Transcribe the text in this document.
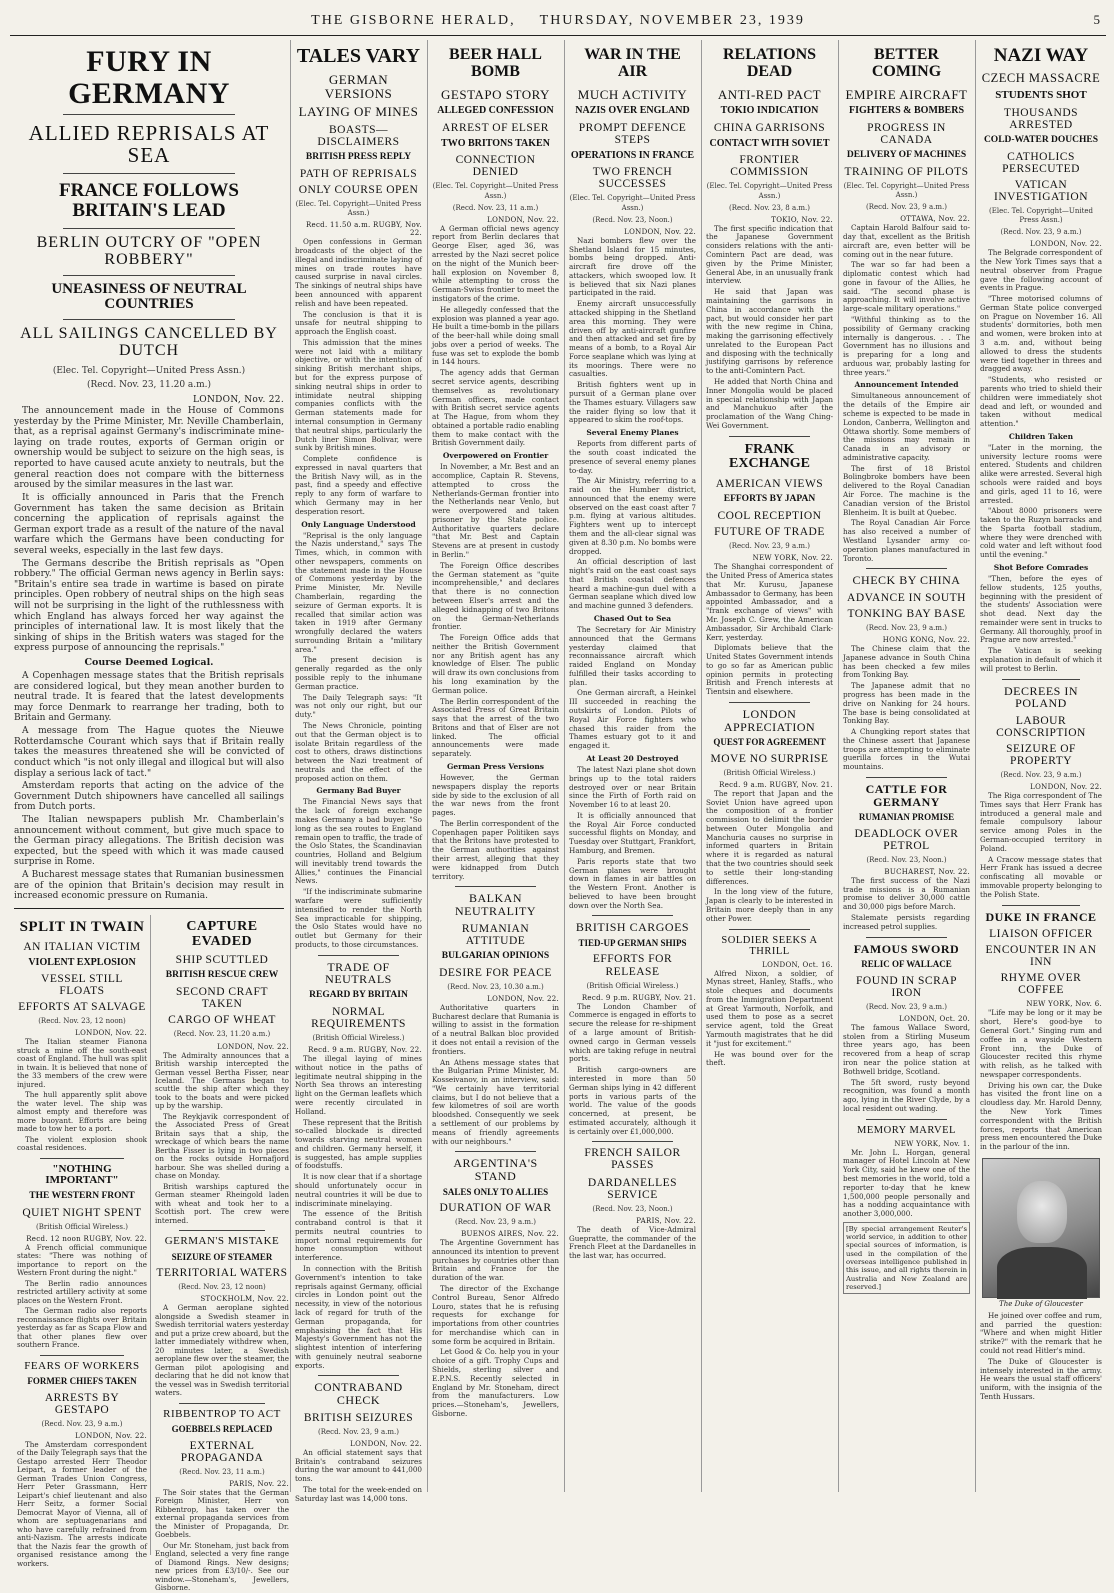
THE GISBORNE HERALD, THURSDAY, NOVEMBER 23, 1939	5
FURY IN GERMANY
ALLIED REPRISALS AT SEA
FRANCE FOLLOWS BRITAIN'S LEAD
BERLIN OUTCRY OF "OPEN ROBBERY"
UNEASINESS OF NEUTRAL COUNTRIES
ALL SAILINGS CANCELLED BY DUTCH
(Elec. Tel. Copyright—United Press Assn.)
(Recd. Nov. 23, 11.20 a.m.)
LONDON, Nov. 22.

The announcement made in the House of Commons yesterday by the Prime Minister, Mr. Neville Chamberlain, that, as a reprisal against Germany's indiscriminate mine-laying on trade routes, exports of German origin or ownership would be subject to seizure on the high seas, is reported to have caused acute anxiety to neutrals, but the general reaction does not compare with the bitterness aroused by the similar measures in the last war.

It is officially announced in Paris that the French Government has taken the same decision as Britain concerning the application of reprisals against the German export trade as a result of the nature of the naval warfare which the Germans have been conducting for several weeks, especially in the last few days.

The Germans describe the British reprisals as "Open robbery." The official German news agency in Berlin says: "Britain's entire sea trade in wartime is based on pirate principles. Open robbery of neutral ships on the high seas will not be surprising in the light of the ruthlessness with which England has always forced her way against the principles of international law. It is most likely that the sinking of ships in the British waters was staged for the express purpose of announcing the reprisals."

Course Deemed Logical.

A Copenhagen message states that the British reprisals are considered logical, but they mean another burden to neutral trade. It is feared that the latest developments may force Denmark to rearrange her trading, both to Britain and Germany.

A message from The Hague quotes the Nieuwe Rotterdamsche Courant which says that if Britain really takes the measures threatened she will be convicted of conduct which "is not only illegal and illogical but will also display a serious lack of tact."

Amsterdam reports that acting on the advice of the Government Dutch shipowners have cancelled all sailings from Dutch ports.

The Italian newspapers publish Mr. Chamberlain's announcement without comment, but give much space to the German piracy allegations. The British decision was expected, but the speed with which it was made caused surprise in Rome.

A Bucharest message states that Rumanian businessmen are of the opinion that Britain's decision may result in increased economic pressure on Rumania.

SPLIT IN TWAIN
AN ITALIAN VICTIM
VIOLENT EXPLOSION
VESSEL STILL FLOATS
EFFORTS AT SALVAGE
(Recd. Nov. 23, 12 noon)
LONDON, Nov. 22.

The Italian steamer Fianona struck a mine off the south-east coast of England. The hull was split in twain. It is believed that none of the 33 members of the crew were injured.

The hull apparently split above the water level. The ship was almost empty and therefore was more buoyant. Efforts are being made to tow her to a port.

The violent explosion shook coastal residences.

"NOTHING IMPORTANT"
THE WESTERN FRONT
QUIET NIGHT SPENT
(British Official Wireless.)
Recd. 12 noon RUGBY, Nov. 22.

A French official communique states: "There was nothing of importance to report on the Western Front during the night."

The Berlin radio announces restricted artillery activity at some places on the Western Front.

The German radio also reports reconnaissance flights over Britain yesterday as far as Scapa Flow and that other planes flew over southern France.

FEARS OF WORKERS
FORMER CHIEFS TAKEN
ARRESTS BY GESTAPO
(Recd. Nov. 23, 9 a.m.)
LONDON, Nov. 22.

The Amsterdam correspondent of the Daily Telegraph says that the Gestapo arrested Herr Theodor Leipart, a former leader of the German Trades Union Congress, Herr Peter Grassmann, Herr Leipart's chief lieutenant and also Herr Seitz, a former Social Democrat Mayor of Vienna, all of whom are septuagenarians and who have carefully refrained from anti-Nazism. The arrests indicate that the Nazis fear the growth of organised resistance among the workers.

CAPTURE EVADED
SHIP SCUTTLED
BRITISH RESCUE CREW
SECOND CRAFT TAKEN
CARGO OF WHEAT
(Recd. Nov. 23, 11.20 a.m.)
LONDON, Nov. 22.

The Admiralty announces that a British warship intercepted the German vessel Bertha Fisser, near Iceland. The Germans began to scuttle the ship after which they took to the boats and were picked up by the warship.

The Reykjavik correspondent of the Associated Press of Great Britain says that a ship, the wreckage of which bears the name Bertha Fisser is lying in two pieces on the rocks outside Hornafjord harbour. She was shelled during a chase on Monday.

British warships captured the German steamer Rheingold laden with wheat and took her to a Scottish port. The crew were interned.

GERMAN'S MISTAKE
SEIZURE OF STEAMER
TERRITORIAL WATERS
(Recd. Nov. 23, 12 noon)
STOCKHOLM, Nov. 22.

A German aeroplane sighted alongside a Swedish steamer in Swedish territorial waters yesterday and put a prize crew aboard, but the latter immediately withdrew when, 20 minutes later, a Swedish aeroplane flew over the steamer, the German pilot apologising and declaring that he did not know that the vessel was in Swedish territorial waters.

RIBBENTROP TO ACT
GOEBBELS REPLACED
EXTERNAL PROPAGANDA
(Recd. Nov. 23, 11 a.m.)
PARIS, Nov. 22.

The Soir states that the German Foreign Minister, Herr von Ribbentrop, has taken over the external propaganda services from the Minister of Propaganda, Dr. Goebbels.

Our Mr. Stoneham, just back from England, selected a very fine range of Diamond Rings. New designs; new prices from £3/10/-. See our window.—Stoneham's, Jewellers, Gisborne.

TALES VARY
GERMAN VERSIONS
LAYING OF MINES
BOASTS—DISCLAIMERS
BRITISH PRESS REPLY
PATH OF REPRISALS
ONLY COURSE OPEN
(Elec. Tel. Copyright—United Press Assn.)
Recd. 11.50 a.m. RUGBY, Nov. 22.

Open confessions in German broadcasts of the object of the illegal and indiscriminate laying of mines on trade routes have caused surprise in naval circles. The sinkings of neutral ships have been announced with apparent relish and have been repeated.

The conclusion is that it is unsafe for neutral shipping to approach the English coast.

This admission that the mines were not laid with a military objective, or with the intention of sinking British merchant ships, but for the express purpose of sinking neutral ships in order to intimidate neutral shipping companies conflicts with the German statements made for internal consumption in Germany that neutral ships, particularly the Dutch liner Simon Bolivar, were sunk by British mines.

Complete confidence is expressed in naval quarters that the British Navy will, as in the past, find a speedy and effective reply to any form of warfare to which Germany may in her desperation resort.

Only Language Understood

"Reprisal is the only language the Nazis understand," says The Times, which, in common with other newspapers, comments on the statement made in the House of Commons yesterday by the Prime Minister, Mr. Neville Chamberlain, regarding the seizure of German exports. It is recalled that similar action was taken in 1919 after Germany wrongfully declared the waters surrounding Britain a "military area."

The present decision is generally regarded as the only possible reply to the inhumane German practice.

The Daily Telegraph says: "It was not only our right, but our duty."

The News Chronicle, pointing out that the German object is to isolate Britain regardless of the cost to others, draws distinctions between the Nazi treatment of neutrals and the effect of the proposed action on them.

Germany Bad Buyer

The Financial News says that the lack of foreign exchange makes Germany a bad buyer. "So long as the sea routes to England remain open to traffic, the trade of the Oslo States, the Scandinavian countries, Holland and Belgium will inevitably trend towards the Allies," continues the Financial News.

"If the indiscriminate submarine warfare were sufficiently intensified to render the North Sea impracticable for shipping, the Oslo States would have no outlet but Germany for their products, to those circumstances.

TRADE OF NEUTRALS
REGARD BY BRITAIN
NORMAL REQUIREMENTS
(British Official Wireless.)
Recd. 9 a.m. RUGBY, Nov. 22.

The illegal laying of mines without notice in the paths of legitimate neutral shipping in the North Sea throws an interesting light on the German leaflets which were recently circulated in Holland.

These represent that the British so-called blockade is directed towards starving neutral women and children. Germany herself, it is suggested, has ample supplies of foodstuffs.

It is now clear that if a shortage should unfortunately occur in neutral countries it will be due to indiscriminate minelaying.

The essence of the British contraband control is that it permits neutral countries to import normal requirements for home consumption without interference.

In connection with the British Government's intention to take reprisals against Germany, official circles in London point out the necessity, in view of the notorious lack of regard for truth of the German propaganda, for emphasising the fact that His Majesty's Government has not the slightest intention of interfering with genuinely neutral seaborne exports.

CONTRABAND CHECK
BRITISH SEIZURES
(Recd. Nov. 23, 9 a.m.)
LONDON, Nov. 22.

An official statement says that Britain's contraband seizures during the war amount to 441,000 tons.

The total for the week-ended on Saturday last was 14,000 tons.

BEER HALL BOMB
GESTAPO STORY
ALLEGED CONFESSION
ARREST OF ELSER
TWO BRITONS TAKEN
CONNECTION DENIED
(Elec. Tel. Copyright—United Press Assn.)
(Recd. Nov. 23, 11 a.m.)
LONDON, Nov. 22.

A German official news agency report from Berlin declares that George Elser, aged 36, was arrested by the Nazi secret police on the night of the Munich beer-hall explosion on November 8, while attempting to cross the German-Swiss frontier to meet the instigators of the crime.

He allegedly confessed that the explosion was planned a year ago. He built a time-bomb in the pillars of the beer-hall while doing small jobs over a period of weeks. The fuse was set to explode the bomb in 144 hours.

The agency adds that German secret service agents, describing themselves as revolutionary German officers, made contact with British secret service agents at The Hague, from whom they obtained a portable radio enabling them to make contact with the British Government daily.

Overpowered on Frontier

In November, a Mr. Best and an accomplice, Captain R. Stevens, attempted to cross the Netherlands-German frontier into the Netherlands near Venlo, but were overpowered and taken prisoner by the State police. Authoritative quarters declare "that Mr. Best and Captain Stevens are at present in custody in Berlin."

The Foreign Office describes the German statement as "quite incomprehensible," and declares that there is no connection between Elser's arrest and the alleged kidnapping of two Britons on the German-Netherlands frontier.

The Foreign Office adds that neither the British Government nor any British agent has any knowledge of Elser. The public will draw its own conclusions from his long examination by the German police.

The Berlin correspondent of the Associated Press of Great Britain says that the arrest of the two Britons and that of Elser are not linked. The official announcements were made separately.

German Press Versions

However, the German newspapers display the reports side by side to the exclusion of all the war news from the front pages.

The Berlin correspondent of the Copenhagen paper Politiken says that the Britons have protested to the German authorities against their arrest, alleging that they were kidnapped from Dutch territory.

BALKAN NEUTRALITY
RUMANIAN ATTITUDE
BULGARIAN OPINIONS
DESIRE FOR PEACE
(Recd. Nov. 23, 10.30 a.m.)
LONDON, Nov. 22.

Authoritative quarters in Bucharest declare that Rumania is willing to assist in the formation of a neutral Balkan bloc provided it does not entail a revision of the frontiers.

An Athens message states that the Bulgarian Prime Minister, M. Kosseivanov, in an interview, said: "We certainly have territorial claims, but I do not believe that a few kilometres of soil are worth bloodshed. Consequently we seek a settlement of our problems by means of friendly agreements with our neighbours."

ARGENTINA'S STAND
SALES ONLY TO ALLIES
DURATION OF WAR
(Recd. Nov. 23, 9 a.m.)
BUENOS AIRES, Nov. 22.

The Argentine Government has announced its intention to prevent purchases by countries other than Britain and France for the duration of the war.

The director of the Exchange Control Bureau, Senor Alfredo Louro, states that he is refusing requests for exchange for importations from other countries for merchandise which can in some form be acquired in Britain.

Let Good & Co. help you in your choice of a gift. Trophy Cups and Shields, sterling silver and E.P.N.S. Recently selected in England by Mr. Stoneham, direct from the manufacturers. Low prices.—Stoneham's, Jewellers, Gisborne.

WAR IN THE AIR
MUCH ACTIVITY
NAZIS OVER ENGLAND
PROMPT DEFENCE STEPS
OPERATIONS IN FRANCE
TWO FRENCH SUCCESSES
(Elec. Tel. Copyright—United Press Assn.)
(Recd. Nov. 23, Noon.)
LONDON, Nov. 22.

Nazi bombers flew over the Shetland Island for 15 minutes, bombs being dropped. Anti-aircraft fire drove off the attackers, which swooped low. It is believed that six Nazi planes participated in the raid.

Enemy aircraft unsuccessfully attacked shipping in the Shetland area this morning. They were driven off by anti-aircraft gunfire and then attacked and set fire by means of a bomb, to a Royal Air Force seaplane which was lying at its moorings. There were no casualties.

British fighters went up in pursuit of a German plane over the Thames estuary. Villagers saw the raider flying so low that it appeared to skim the roof-tops.

Several Enemy Planes

Reports from different parts of the south coast indicated the presence of several enemy planes to-day.

The Air Ministry, referring to a raid on the Humber district, announced that the enemy were observed on the east coast after 7 p.m. flying at various altitudes. Fighters went up to intercept them and the all-clear signal was given at 8.30 p.m. No bombs were dropped.

An official description of last night's raid on the east coast says that British coastal defences heard a machine-gun duel with a German seaplane which dived low and machine gunned 3 defenders.

Chased Out to Sea

The Secretary for Air Ministry announced that the Germans yesterday claimed that reconnaissance aircraft which raided England on Monday fulfilled their tasks according to plan.

One German aircraft, a Heinkel III succeeded in reaching the outskirts of London. Pilots of Royal Air Force fighters who chased this raider from the Thames estuary got to it and engaged it.

At Least 20 Destroyed

The latest Nazi plane shot down brings up to the total raiders destroyed over or near Britain since the Firth of Forth raid on November 16 to at least 20.

It is officially announced that the Royal Air Force conducted successful flights on Monday, and Tuesday over Stuttgart, Frankfort, Hamburg, and Bremen.

Paris reports state that two German planes were brought down in flames in air battles on the Western Front. Another is believed to have been brought down over the North Sea.

BRITISH CARGOES
TIED-UP GERMAN SHIPS
EFFORTS FOR RELEASE
(British Official Wireless.)
Recd. 9 p.m. RUGBY, Nov. 21.

The London Chamber of Commerce is engaged in efforts to secure the release for re-shipment of a large amount of British-owned cargo in German vessels which are taking refuge in neutral ports.

British cargo-owners are interested in more than 50 German ships lying in 42 different ports in various parts of the world. The value of the goods concerned, at present, be estimated accurately, although it is certainly over £1,000,000.

FRENCH SAILOR PASSES
DARDANELLES SERVICE
(Recd. Nov. 23, Noon.)
PARIS, Nov. 22.

The death of Vice-Admiral Guepratte, the commander of the French Fleet at the Dardanelles in the last war, has occurred.

RELATIONS DEAD
ANTI-RED PACT
TOKIO INDICATION
CHINA GARRISONS
CONTACT WITH SOVIET
FRONTIER COMMISSION
(Elec. Tel. Copyright—United Press Assn.)
(Recd. Nov. 23, 8 a.m.)
TOKIO, Nov. 22.

The first specific indication that the Japanese Government considers relations with the anti-Comintern Pact are dead, was given by the Prime Minister, General Abe, in an unusually frank interview.

He said that Japan was maintaining the garrisons in China in accordance with the pact, but would consider her part with the new regime in China, making the garrisoning effectively unrelated to the European Pact and disposing with the technically justifying garrisons by reference to the anti-Comintern Pact.

He added that North China and Inner Mongolia would be placed in special relationship with Japan and Manchukuo after the proclamation of the Wang Ching-Wei Government.

FRANK EXCHANGE
AMERICAN VIEWS
EFFORTS BY JAPAN
COOL RECEPTION
FUTURE OF TRADE
(Recd. Nov. 23, 9 a.m.)
NEW YORK, Nov. 22.

The Shanghai correspondent of the United Press of America states that Mr. Kurusu, Japanese Ambassador to Germany, has been appointed Ambassador, and a "frank exchange of views" with Mr. Joseph C. Grew, the American Ambassador, Sir Archibald Clark-Kerr, yesterday.

Diplomats believe that the United States Government intends to go so far as American public opinion permits in protecting British and French interests at Tientsin and elsewhere.

LONDON APPRECIATION
QUEST FOR AGREEMENT
MOVE NO SURPRISE
(British Official Wireless.)
Recd. 9 a.m. RUGBY, Nov. 21.

The report that Japan and the Soviet Union have agreed upon the composition of a frontier commission to delimit the border between Outer Mongolia and Manchuria causes no surprise in informed quarters in Britain where it is regarded as natural that the two countries should seek to settle their long-standing differences.

In the long view of the future, Japan is clearly to be interested in Britain more deeply than in any other Power.

SOLDIER SEEKS A THRILL
LONDON, Oct. 16.

Alfred Nixon, a soldier, of Mynas street, Hanley, Staffs., who stole cheques and documents from the Immigration Department at Great Yarmouth, Norfolk, and used them to pose as a secret service agent, told the Great Yarmouth magistrates that he did it "just for excitement."

He was bound over for the theft.

BETTER COMING
EMPIRE AIRCRAFT
FIGHTERS & BOMBERS
PROGRESS IN CANADA
DELIVERY OF MACHINES
TRAINING OF PILOTS
(Elec. Tel. Copyright—United Press Assn.)
(Recd. Nov. 23, 9 a.m.)
OTTAWA, Nov. 22.

Captain Harold Balfour said to-day that, excellent as the British aircraft are, even better will be coming out in the near future.

The war so far had been a diplomatic contest which had gone in favour of the Allies, he said. "The second phase is approaching. It will involve active large-scale military operations."

"Withful thinking as to the possibility of Germany cracking internally is dangerous. . . The Government has no illusions and is preparing for a long and arduous war, probably lasting for three years."

Announcement Intended

Simultaneous announcement of the details of the Empire air scheme is expected to be made in London, Canberra, Wellington and Ottawa shortly. Some members of the missions may remain in Canada in an advisory or administrative capacity.

The first of 18 Bristol Bolingbroke bombers have been delivered to the Royal Canadian Air Force. The machine is the Canadian version of the Bristol Blenheim. It is built at Quebec.

The Royal Canadian Air Force has also received a number of Westland Lysander army co-operation planes manufactured in Toronto.

CHECK BY CHINA
ADVANCE IN SOUTH
TONKING BAY BASE
(Recd. Nov. 23, 9 a.m.)
HONG KONG, Nov. 22.

The Chinese claim that the Japanese advance in South China has been checked a few miles from Tonking Bay.

The Japanese admit that no progress has been made in the drive on Nanking for 24 hours. The base is being consolidated at Tonking Bay.

A Chungking report states that the Chinese assert that Japanese troops are attempting to eliminate guerilla forces in the Wutai mountains.

CATTLE FOR GERMANY
RUMANIAN PROMISE
DEADLOCK OVER PETROL
(Recd. Nov. 23, Noon.)
BUCHAREST, Nov. 22.

The first success of the Nazi trade missions is a Rumanian promise to deliver 30,000 cattle and 30,000 pigs before March.

Stalemate persists regarding increased petrol supplies.

FAMOUS SWORD
RELIC OF WALLACE
FOUND IN SCRAP IRON
(Recd. Nov. 23, 9 a.m.)
LONDON, Oct. 20.

The famous Wallace Sword, stolen from a Stirling Museum three years ago, has been recovered from a heap of scrap iron near the police station at Bothwell bridge, Scotland.

The 5ft sword, rusty beyond recognition, was found a month ago, lying in the River Clyde, by a local resident out wading.

MEMORY MARVEL
NEW YORK, Nov. 1.

Mr. John L. Horgan, general manager of Hotel Lincoln at New York City, said he knew one of the best memories in the world, told a reporter to-day that he knew 1,500,000 people personally and has a nodding acquaintance with another 3,000,000.

[By special arrangement Reuter's world service, in addition to other special sources of information, is used in the compilation of the overseas intelligence published in this issue, and all rights therein in Australia and New Zealand are reserved.]
NAZI WAY
CZECH MASSACRE
STUDENTS SHOT
THOUSANDS ARRESTED
COLD-WATER DOUCHES
CATHOLICS PERSECUTED
VATICAN INVESTIGATION
(Elec. Tel. Copyright—United Press Assn.)
(Recd. Nov. 23, 9 a.m.)
LONDON, Nov. 22.

The Belgrade correspondent of the New York Times says that a neutral observer from Prague gave the following account of events in Prague.

"Three motorised columns of German State police converged on Prague on November 16. All students' dormitories, both men and women, were broken into at 3 a.m. and, without being allowed to dress the students were tied together in threes and dragged away.

"Students, who resisted or parents who tried to shield their children were immediately shot dead and left, or wounded and taken without medical attention."

Children Taken

"Later in the morning, the university lecture rooms were entered. Students and children alike were arrested. Several high schools were raided and boys and girls, aged 11 to 16, were arrested.

"About 8000 prisoners were taken to the Ruzyn barracks and the Sparta football stadium, where they were drenched with cold water and left without food until the evening."

Shot Before Comrades

"Then, before the eyes of fellow students, 125 youths, beginning with the president of the students' Association were shot dead. Next day the remainder were sent in trucks to Germany. All thoroughly, proof in Prague are now arrested."

The Vatican is seeking explanation in default of which it will protest to Berlin.

DECREES IN POLAND
LABOUR CONSCRIPTION
SEIZURE OF PROPERTY
(Recd. Nov. 23, 9 a.m.)
LONDON, Nov. 22.

The Riga correspondent of The Times says that Herr Frank has introduced a general male and female compulsory labour service among Poles in the German-occupied territory in Poland.

A Cracow message states that Herr Frank has issued a decree confiscating all movable or immovable property belonging to the Polish State.

DUKE IN FRANCE
LIAISON OFFICER
ENCOUNTER IN AN INN
RHYME OVER COFFEE
NEW YORK, Nov. 6.

"Life may be long or it may be short, Here's good-bye to General Gort." Singing rum and coffee in a wayside Western Front inn, the Duke of Gloucester recited this rhyme with relish, as he talked with newspaper correspondents.

Driving his own car, the Duke has visited the front line on a cloudless day. Mr. Harold Denny, the New York Times correspondent with the British forces, reports that American press men encountered the Duke in the parlour of the inn.

The Duke of Gloucester

He joined over coffee and rum, and parried the question: "Where and when might Hitler strike?" with the remark that he could not read Hitler's mind.

The Duke of Gloucester is intensely interested in the army. He wears the usual staff officers' uniform, with the insignia of the Tenth Hussars.
